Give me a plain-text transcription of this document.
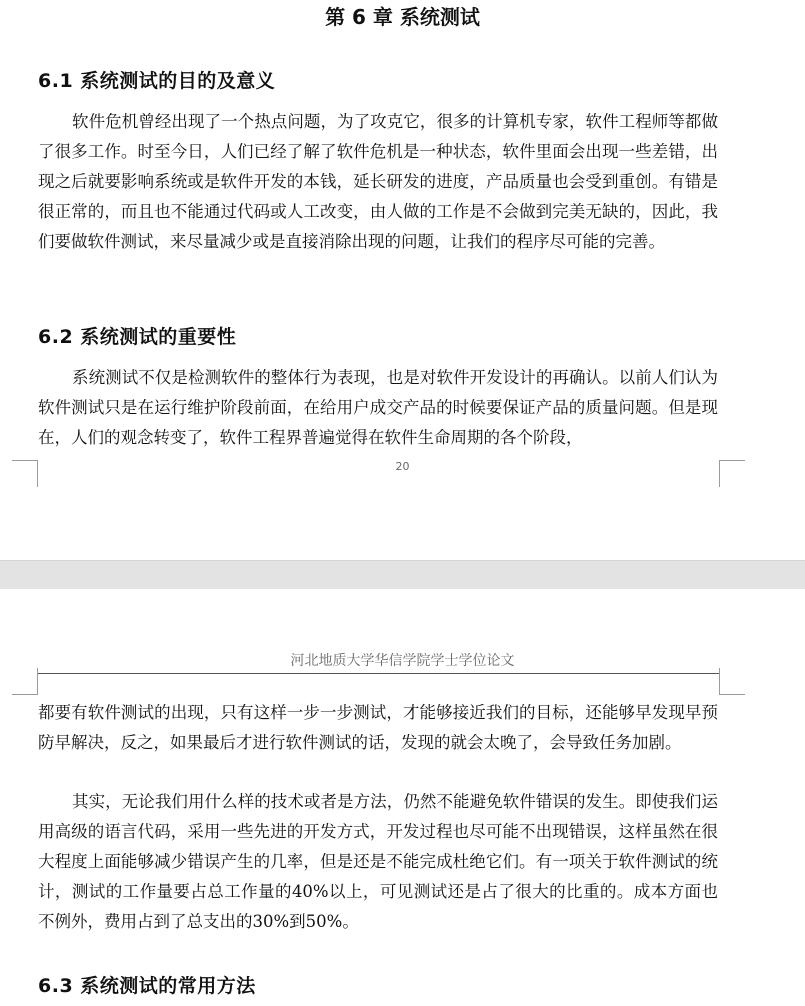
第 6 章 系统测试
6.1 系统测试的目的及意义

软件危机曾经出现了一个热点问题，为了攻克它，很多的计算机专家，软件工程师等都做了很多工作。时至今日，人们已经了解了软件危机是一种状态，软件里面会出现一些差错，出现之后就要影响系统或是软件开发的本钱，延长研发的进度，产品质量也会受到重创。有错是很正常的，而且也不能通过代码或人工改变，由人做的工作是不会做到完美无缺的，因此，我们要做软件测试，来尽量减少或是直接消除出现的问题，让我们的程序尽可能的完善。

6.2 系统测试的重要性

系统测试不仅是检测软件的整体行为表现，也是对软件开发设计的再确认。以前人们认为软件测试只是在运行维护阶段前面，在给用户成交产品的时候要保证产品的质量问题。但是现在，人们的观念转变了，软件工程界普遍觉得在软件生命周期的各个阶段，

20
河北地质大学华信学院学士学位论文

都要有软件测试的出现，只有这样一步一步测试，才能够接近我们的目标，还能够早发现早预防早解决，反之，如果最后才进行软件测试的话，发现的就会太晚了，会导致任务加剧。

其实，无论我们用什么样的技术或者是方法，仍然不能避免软件错误的发生。即使我们运用高级的语言代码，采用一些先进的开发方式，开发过程也尽可能不出现错误，这样虽然在很大程度上面能够减少错误产生的几率，但是还是不能完成杜绝它们。有一项关于软件测试的统计，测试的工作量要占总工作量的40%以上，可见测试还是占了很大的比重的。成本方面也不例外，费用占到了总支出的30%到50%。

6.3 系统测试的常用方法
